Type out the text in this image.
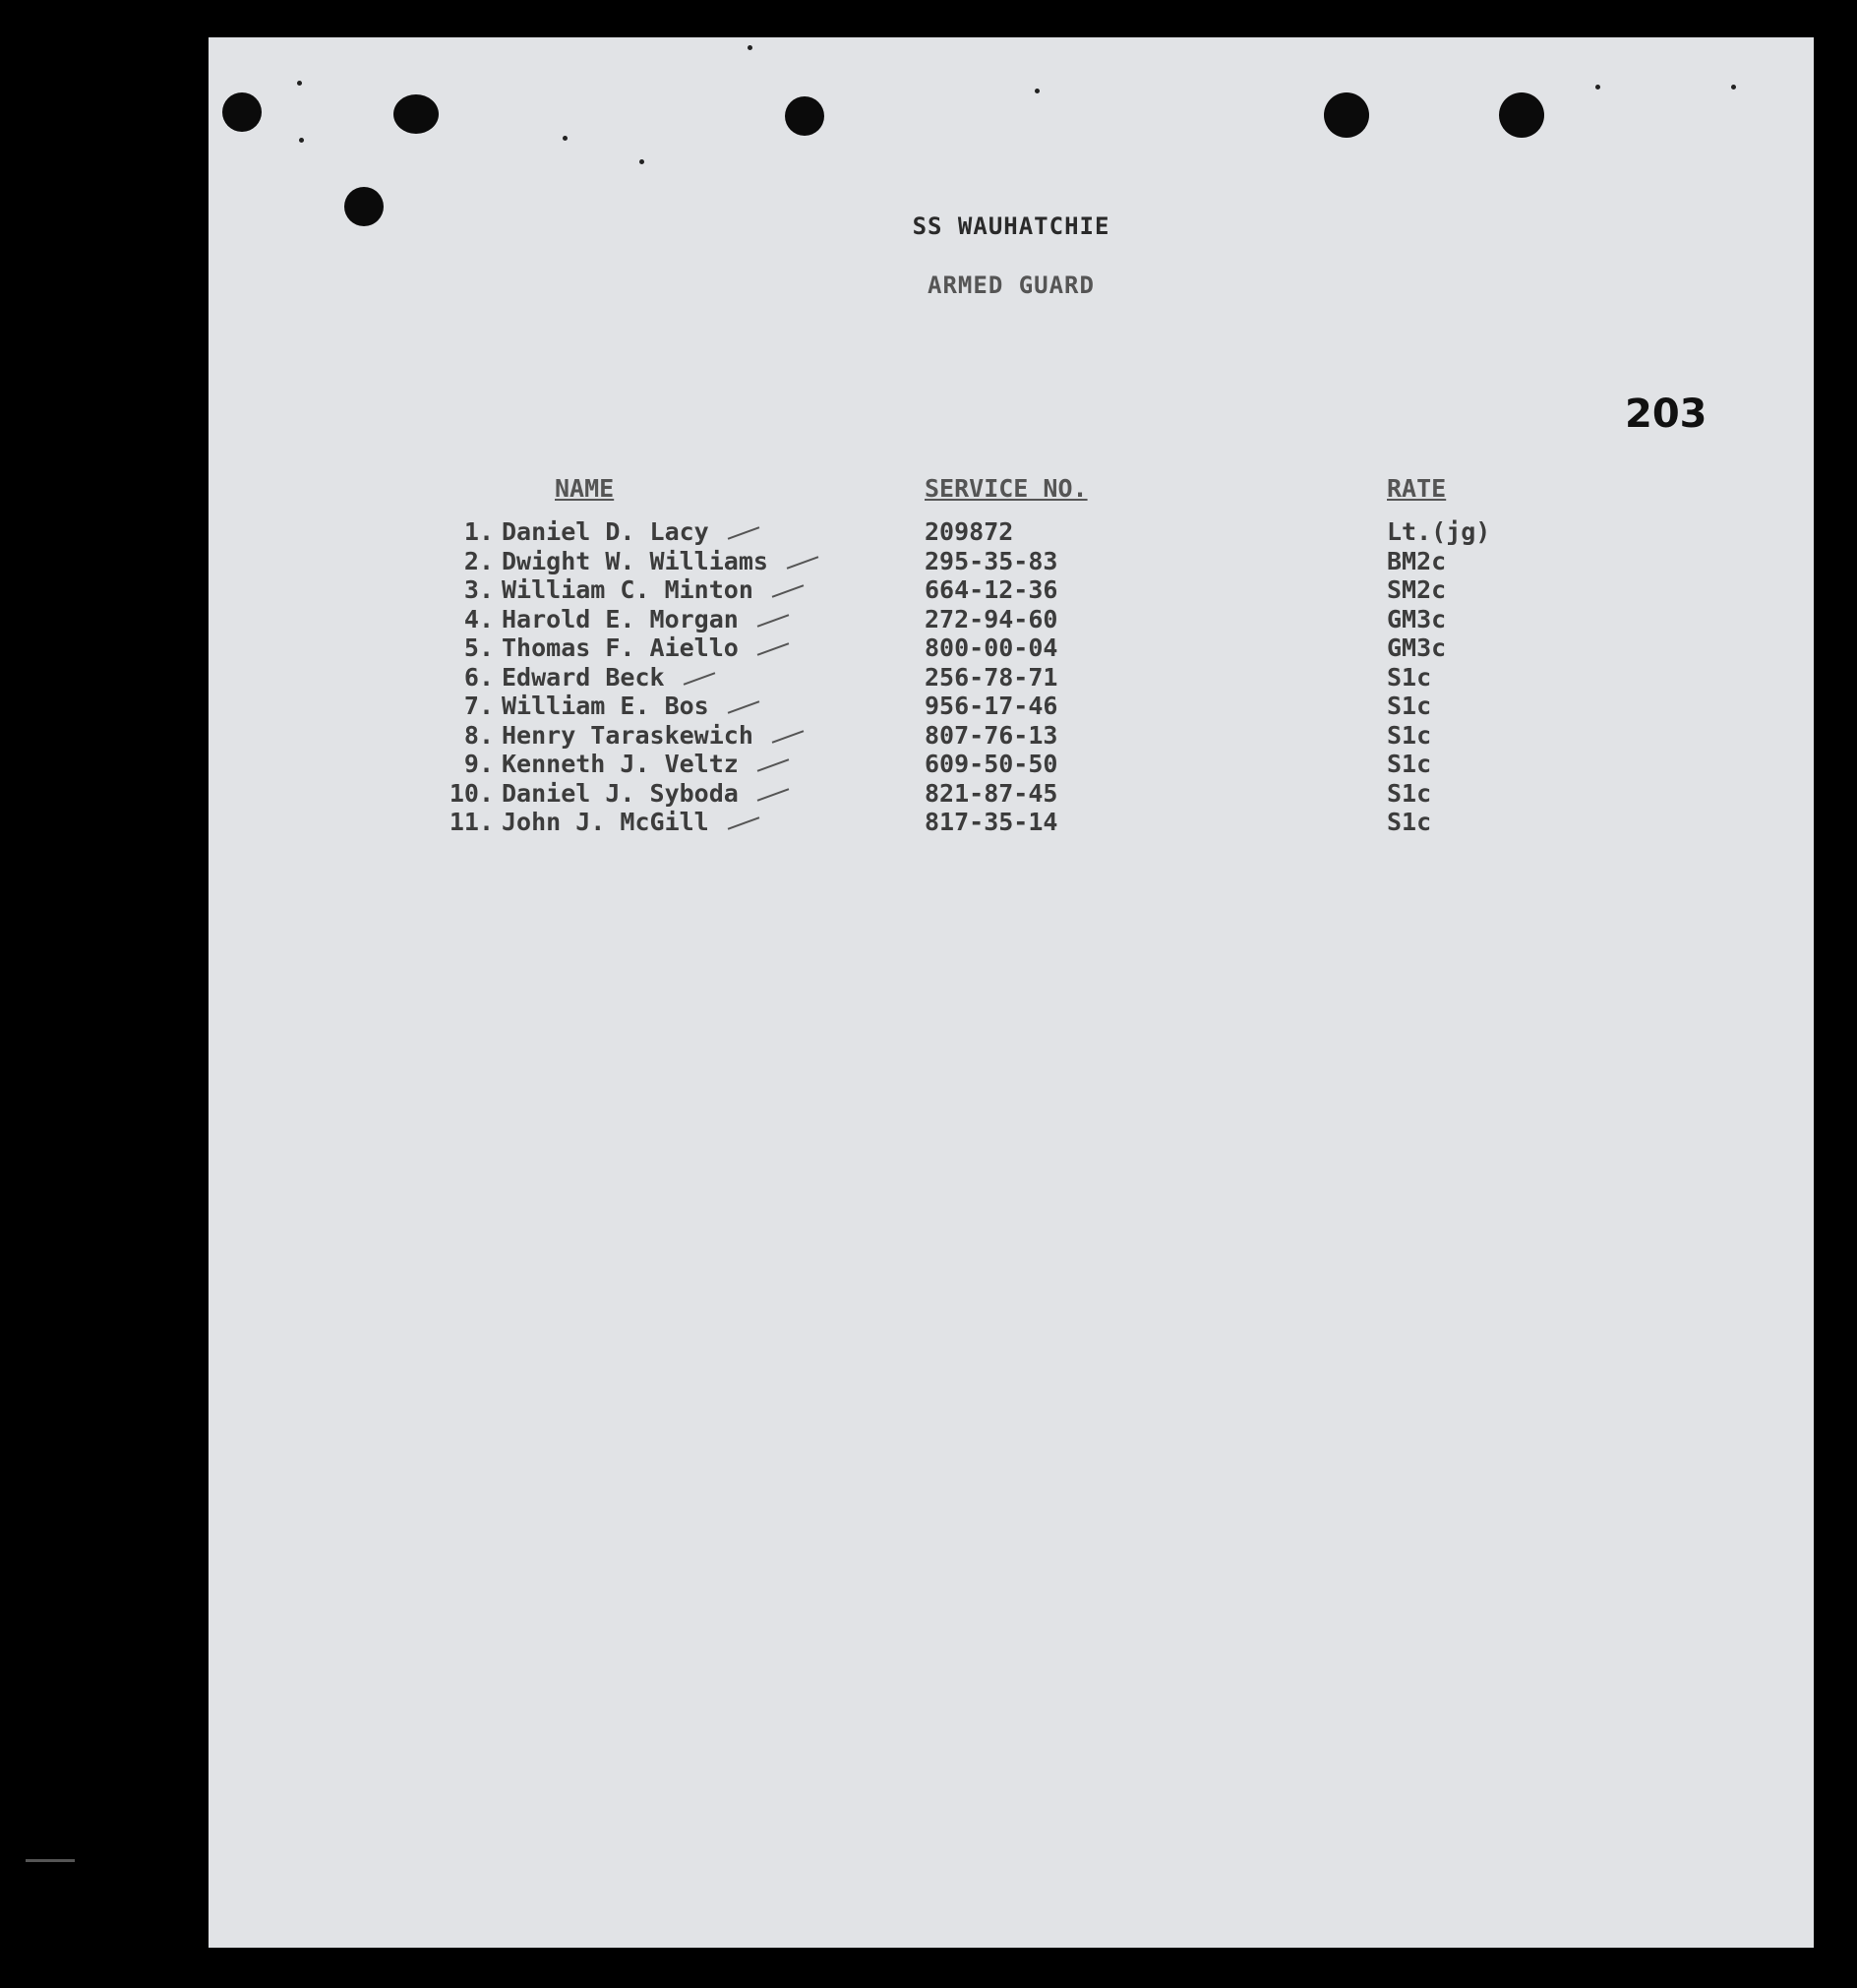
SS WAUHATCHIE
ARMED GUARD
203
NAME	SERVICE NO.	RATE
1. Daniel D. Lacy
2. Dwight W. Williams
3. William C. Minton
4. Harold E. Morgan
5. Thomas F. Aiello
6. Edward Beck
7. William E. Bos
8. Henry Taraskewich
9. Kenneth J. Veltz
10. Daniel J. Syboda
11. John J. McGill
209872
295-35-83
664-12-36
272-94-60
800-00-04
256-78-71
956-17-46
807-76-13
609-50-50
821-87-45
817-35-14
Lt.(jg)
BM2c
SM2c
GM3c
GM3c
S1c
S1c
S1c
S1c
S1c
S1c
